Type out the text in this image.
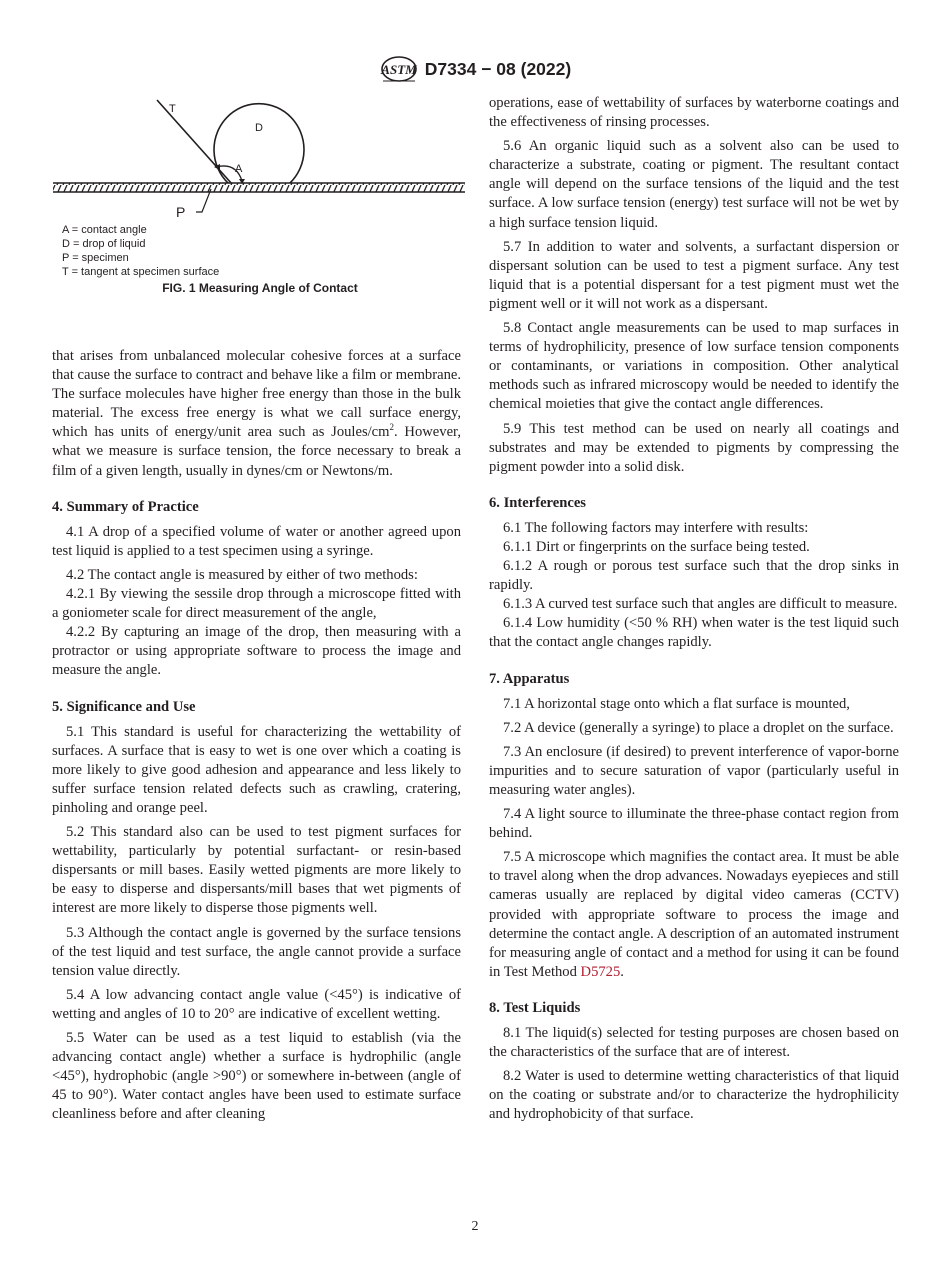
ASTM D7334 − 08 (2022)
T
D
A
P
A = contact angle
D = drop of liquid
P = specimen
T = tangent at specimen surface
FIG. 1 Measuring Angle of Contact

that arises from unbalanced molecular cohesive forces at a surface that cause the surface to contract and behave like a film or membrane. The surface molecules have higher free energy than those in the bulk material. The excess free energy is what we call surface energy, which has units of energy/unit area such as Joules/$cm^2$. However, what we measure is surface tension, the force necessary to break a film of a given length, usually in dynes/cm or Newtons/m.

4. Summary of Practice

4.1 A drop of a specified volume of water or another agreed upon test liquid is applied to a test specimen using a syringe.

4.2 The contact angle is measured by either of two methods:

4.2.1 By viewing the sessile drop through a microscope fitted with a goniometer scale for direct measurement of the angle,

4.2.2 By capturing an image of the drop, then measuring with a protractor or using appropriate software to process the image and measure the angle.

5. Significance and Use

5.1 This standard is useful for characterizing the wettability of surfaces. A surface that is easy to wet is one over which a coating is more likely to give good adhesion and appearance and less likely to suffer surface tension related defects such as crawling, cratering, pinholing and orange peel.

5.2 This standard also can be used to test pigment surfaces for wettability, particularly by potential surfactant- or resin-based dispersants or mill bases. Easily wetted pigments are more likely to be easy to disperse and dispersants/mill bases that wet pigments of interest are more likely to disperse those pigments well.

5.3 Although the contact angle is governed by the surface tensions of the test liquid and test surface, the angle cannot provide a surface tension value directly.

5.4 A low advancing contact angle value (<45°) is indicative of wetting and angles of 10 to 20° are indicative of excellent wetting.

5.5 Water can be used as a test liquid to establish (via the advancing contact angle) whether a surface is hydrophilic (angle <45°), hydrophobic (angle >90°) or somewhere in-between (angle of 45 to 90°). Water contact angles have been used to estimate surface cleanliness before and after cleaning

operations, ease of wettability of surfaces by waterborne coatings and the effectiveness of rinsing processes.

5.6 An organic liquid such as a solvent also can be used to characterize a substrate, coating or pigment. The resultant contact angle will depend on the surface tensions of the liquid and the test surface. A low surface tension (energy) test surface will not be wet by a high surface tension liquid.

5.7 In addition to water and solvents, a surfactant dispersion or dispersant solution can be used to test a pigment surface. Any test liquid that is a potential dispersant for a test pigment must wet the pigment well or it will not work as a dispersant.

5.8 Contact angle measurements can be used to map surfaces in terms of hydrophilicity, presence of low surface tension components or contaminants, or variations in composition. Other analytical methods such as infrared microscopy would be needed to identify the chemical moieties that give the contact angle differences.

5.9 This test method can be used on nearly all coatings and substrates and may be extended to pigments by compressing the pigment powder into a solid disk.

6. Interferences

6.1 The following factors may interfere with results:

6.1.1 Dirt or fingerprints on the surface being tested.

6.1.2 A rough or porous test surface such that the drop sinks in rapidly.

6.1.3 A curved test surface such that angles are difficult to measure.

6.1.4 Low humidity (<50 % RH) when water is the test liquid such that the contact angle changes rapidly.

7. Apparatus

7.1 A horizontal stage onto which a flat surface is mounted,

7.2 A device (generally a syringe) to place a droplet on the surface.

7.3 An enclosure (if desired) to prevent interference of vapor-borne impurities and to secure saturation of vapor (particularly useful in measuring water angles).

7.4 A light source to illuminate the three-phase contact region from behind.

7.5 A microscope which magnifies the contact area. It must be able to travel along when the drop advances. Nowadays eyepieces and still cameras usually are replaced by digital video cameras (CCTV) provided with appropriate software to process the image and determine the contact angle. A description of an automated instrument for measuring angle of contact and a method for using it can be found in Test Method D5725.

8. Test Liquids

8.1 The liquid(s) selected for testing purposes are chosen based on the characteristics of the surface that are of interest.

8.2 Water is used to determine wetting characteristics of that liquid on the coating or substrate and/or to characterize the hydrophilicity and hydrophobicity of that surface.

2
